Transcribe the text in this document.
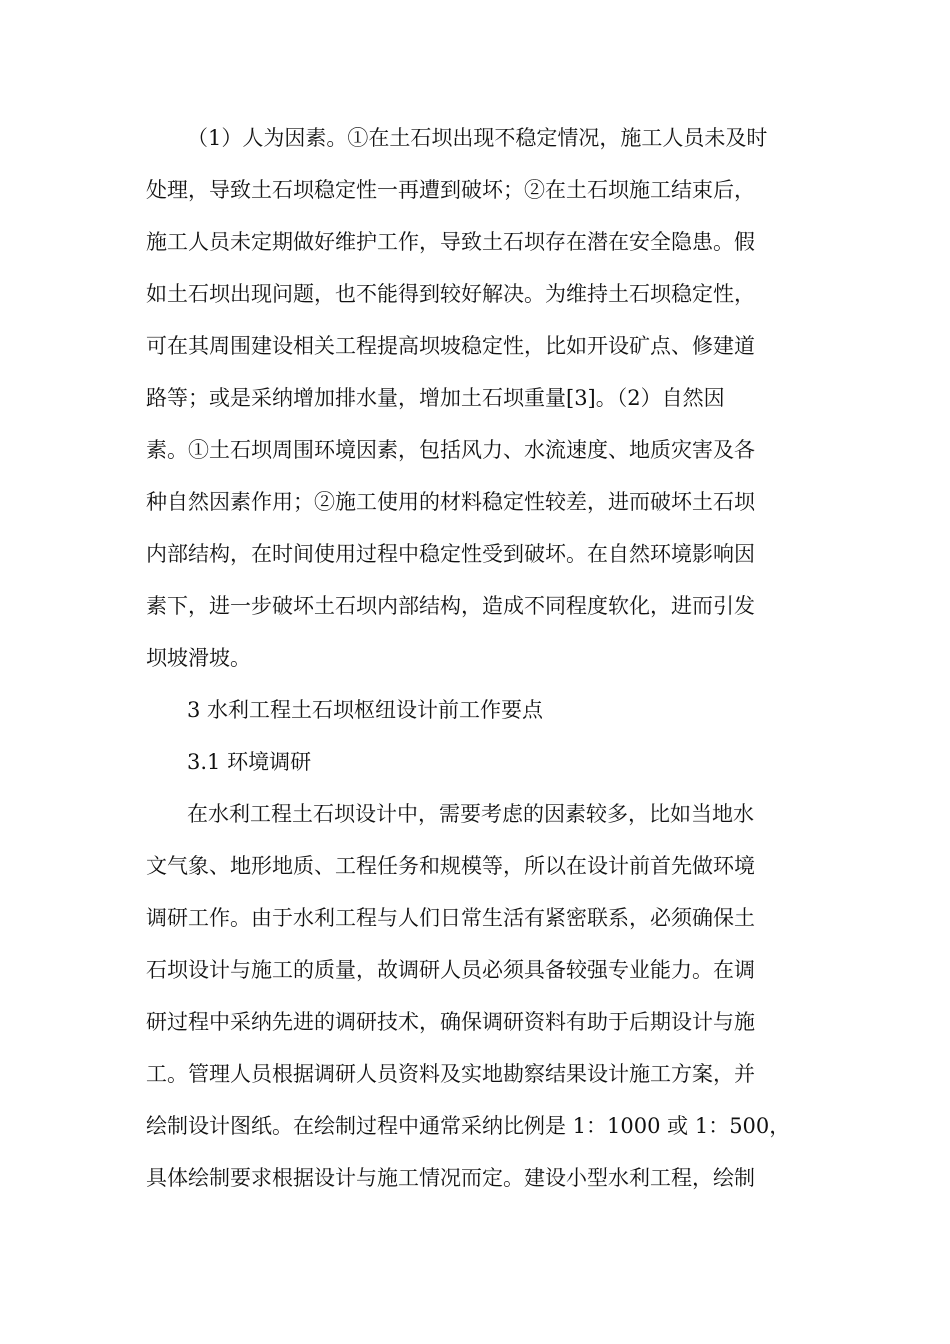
（1）人为因素。①在土石坝出现不稳定情况，施工人员未及时
处理，导致土石坝稳定性一再遭到破坏；②在土石坝施工结束后，
施工人员未定期做好维护工作，导致土石坝存在潜在安全隐患。假
如土石坝出现问题，也不能得到较好解决。为维持土石坝稳定性，
可在其周围建设相关工程提高坝坡稳定性，比如开设矿点、修建道
路等；或是采纳增加排水量，增加土石坝重量[3]。（2）自然因
素。①土石坝周围环境因素，包括风力、水流速度、地质灾害及各
种自然因素作用；②施工使用的材料稳定性较差，进而破坏土石坝
内部结构，在时间使用过程中稳定性受到破坏。在自然环境影响因
素下，进一步破坏土石坝内部结构，造成不同程度软化，进而引发
坝坡滑坡。
3 水利工程土石坝枢纽设计前工作要点
3.1 环境调研
在水利工程土石坝设计中，需要考虑的因素较多，比如当地水
文气象、地形地质、工程任务和规模等，所以在设计前首先做环境
调研工作。由于水利工程与人们日常生活有紧密联系，必须确保土
石坝设计与施工的质量，故调研人员必须具备较强专业能力。在调
研过程中采纳先进的调研技术，确保调研资料有助于后期设计与施
工。管理人员根据调研人员资料及实地勘察结果设计施工方案，并
绘制设计图纸。在绘制过程中通常采纳比例是 1：1000 或 1：500，
具体绘制要求根据设计与施工情况而定。建设小型水利工程，绘制
